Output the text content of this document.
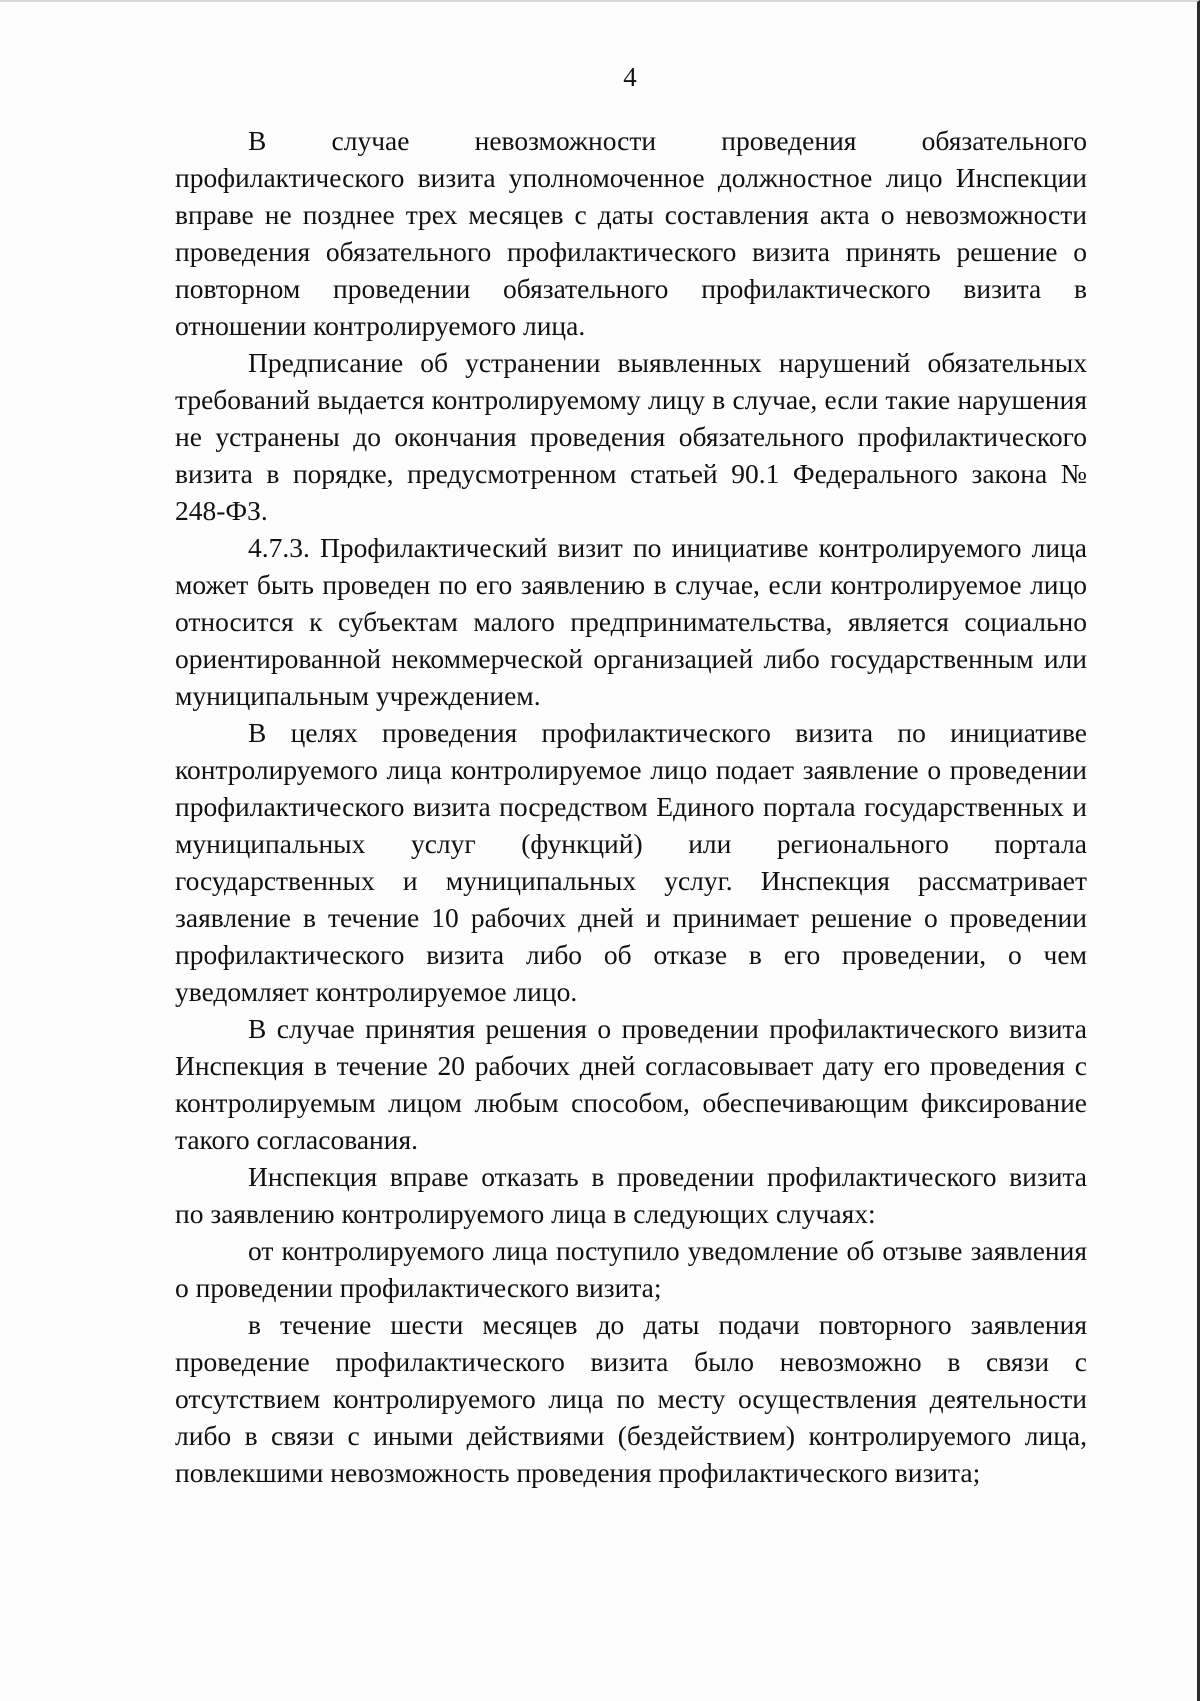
4

В случае невозможности проведения обязательного профилактического визита уполномоченное должностное лицо Инспекции вправе не позднее трех месяцев с даты составления акта о невозможности проведения обязательного профилактического визита принять решение о повторном проведении обязательного профилактического визита в отношении контролируемого лица.

Предписание об устранении выявленных нарушений обязательных требований выдается контролируемому лицу в случае, если такие нарушения не устранены до окончания проведения обязательного профилактического визита в порядке, предусмотренном статьей 90.1 Федерального закона № 248-ФЗ.

4.7.3. Профилактический визит по инициативе контролируемого лица может быть проведен по его заявлению в случае, если контролируемое лицо относится к субъектам малого предпринимательства, является социально ориентированной некоммерческой организацией либо государственным или муниципальным учреждением.

В целях проведения профилактического визита по инициативе контролируемого лица контролируемое лицо подает заявление о проведении профилактического визита посредством Единого портала государственных и муниципальных услуг (функций) или регионального портала государственных и муниципальных услуг. Инспекция рассматривает заявление в течение 10 рабочих дней и принимает решение о проведении профилактического визита либо об отказе в его проведении, о чем уведомляет контролируемое лицо.

В случае принятия решения о проведении профилактического визита Инспекция в течение 20 рабочих дней согласовывает дату его проведения с контролируемым лицом любым способом, обеспечивающим фиксирование такого согласования.

Инспекция вправе отказать в проведении профилактического визита по заявлению контролируемого лица в следующих случаях:

от контролируемого лица поступило уведомление об отзыве заявления о проведении профилактического визита;

в течение шести месяцев до даты подачи повторного заявления проведение профилактического визита было невозможно в связи с отсутствием контролируемого лица по месту осуществления деятельности либо в связи с иными действиями (бездействием) контролируемого лица, повлекшими невозможность проведения профилактического визита;
